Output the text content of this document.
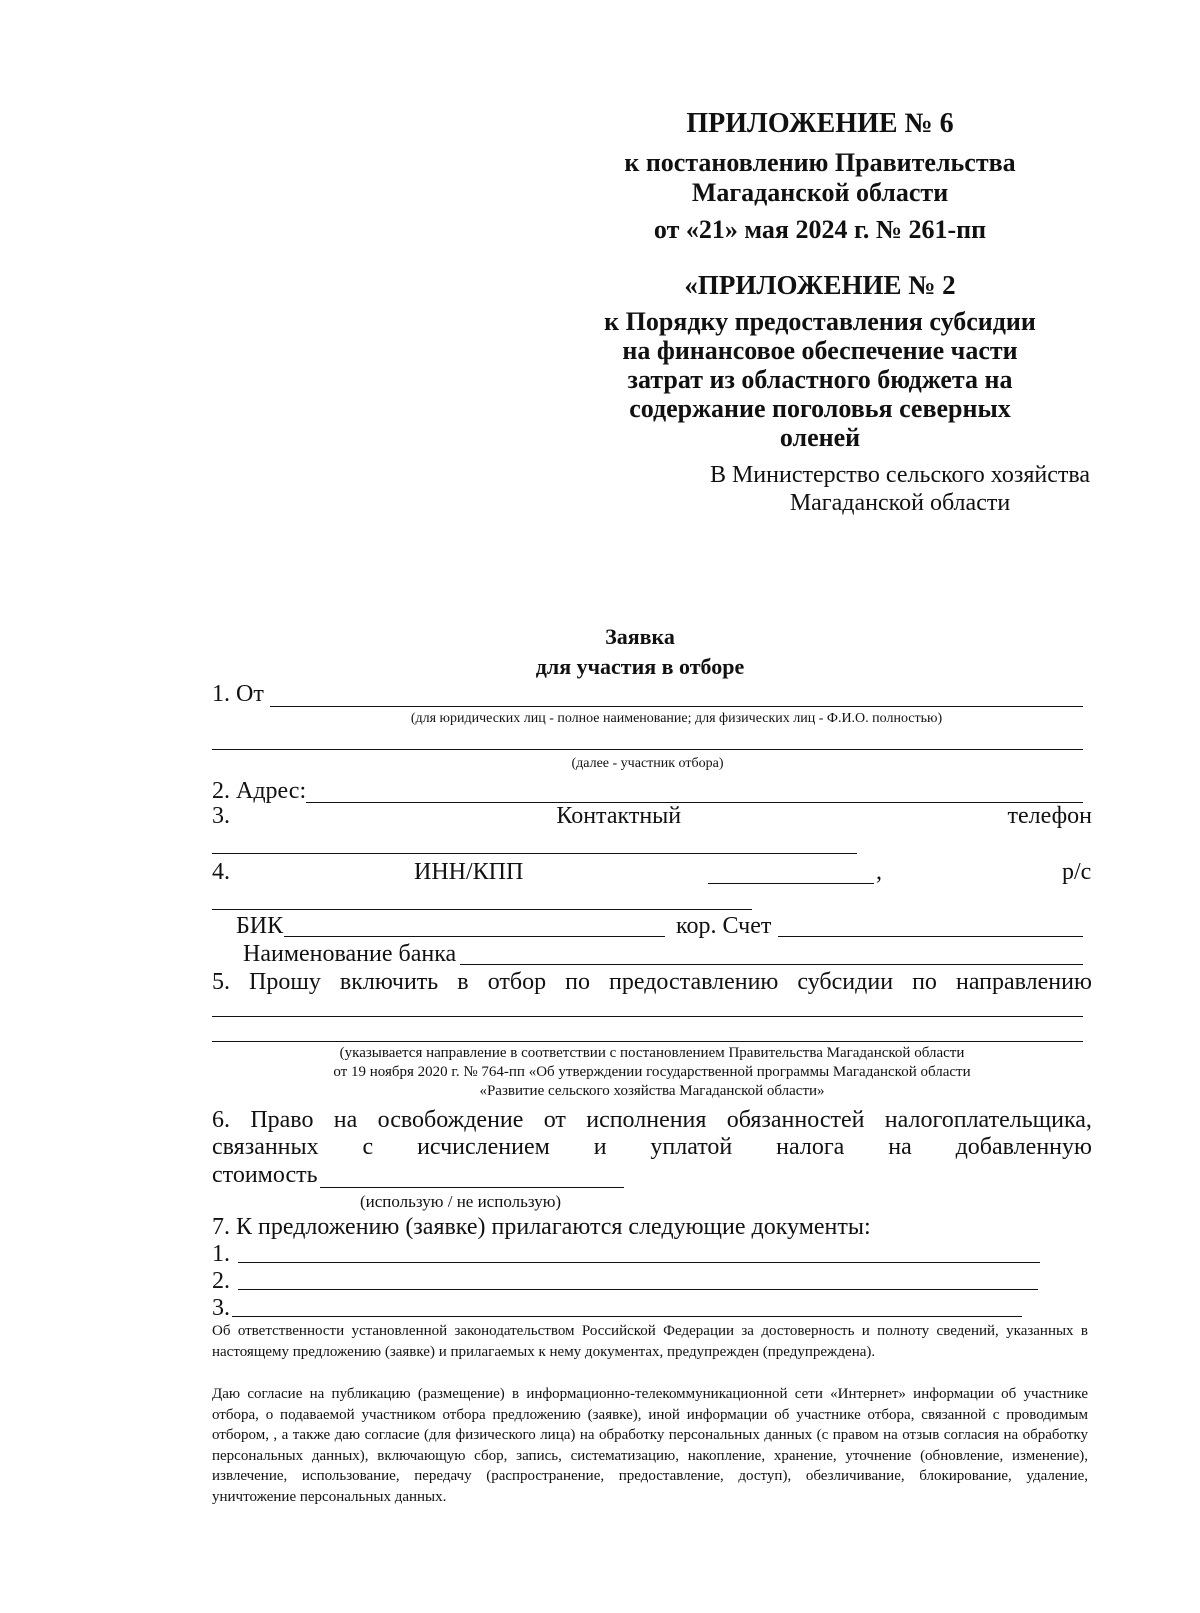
ПРИЛОЖЕНИЕ № 6
к постановлению Правительства
Магаданской области
от «21» мая 2024 г. № 261-пп
«ПРИЛОЖЕНИЕ № 2
к Порядку предоставления субсидии
на финансовое обеспечение части
затрат из областного бюджета на
содержание поголовья северных
оленей
В Министерство сельского хозяйства
Магаданской области
Заявка
для участия в отборе
1. От
(для юридических лиц - полное наименование; для физических лиц - Ф.И.О. полностью)
(далее - участник отбора)
2. Адрес:
3.	Контактный	телефон
4.	ИНН/КПП	,	р/с
БИК	кор. Счет
Наименование банка
5. Прошу включить в отбор по предоставлению субсидии по направлению
(указывается направление в соответствии с постановлением Правительства Магаданской области
от 19 ноября 2020 г. № 764-пп «Об утверждении государственной программы Магаданской области
«Развитие сельского хозяйства Магаданской области»
6. Право на освобождение от исполнения обязанностей налогоплательщика,
связанных с исчислением и уплатой налога на добавленную
стоимость
(использую / не использую)
7. К предложению (заявке) прилагаются следующие документы:
1.
2.
3.
Об ответственности установленной законодательством Российской Федерации за достоверность и полноту сведений, указанных в настоящему предложению (заявке) и прилагаемых к нему документах, предупрежден (предупреждена).
Даю согласие на публикацию (размещение) в информационно-телекоммуникационной сети «Интернет» информации об участнике отбора, о подаваемой участником отбора предложению (заявке), иной информации об участнике отбора, связанной с проводимым отбором, , а также даю согласие (для физического лица) на обработку персональных данных (с правом на отзыв согласия на обработку персональных данных), включающую сбор, запись, систематизацию, накопление, хранение, уточнение (обновление, изменение), извлечение, использование, передачу (распространение, предоставление, доступ), обезличивание, блокирование, удаление, уничтожение персональных данных.
